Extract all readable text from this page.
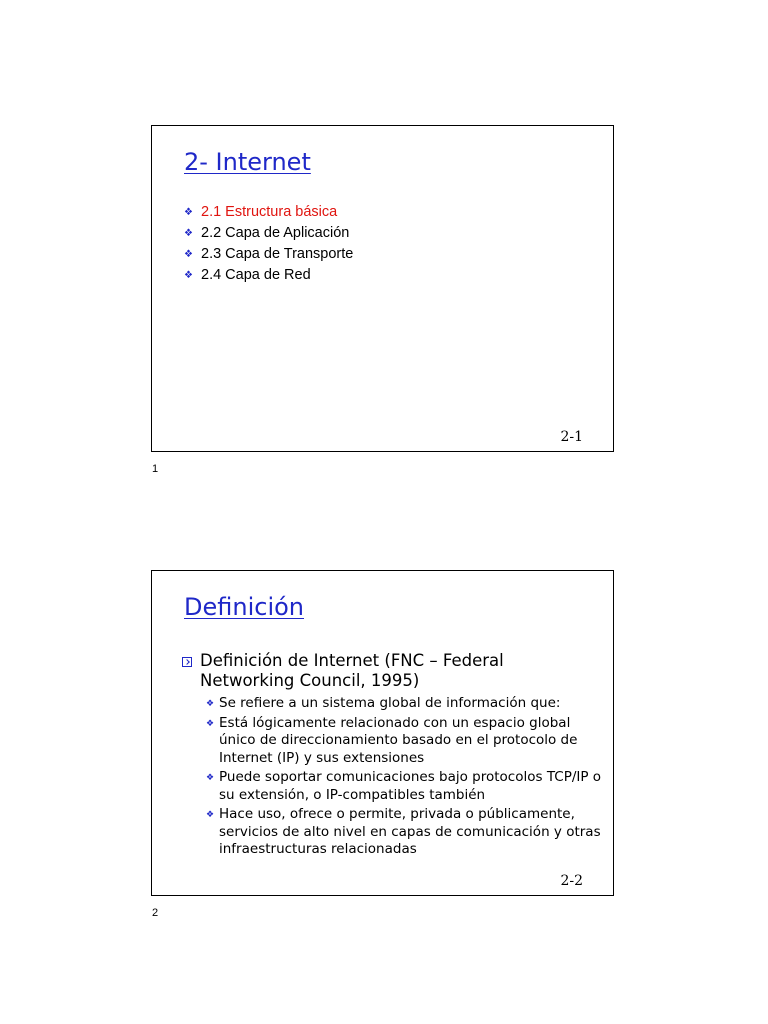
2- Internet
❖ 2.1 Estructura básica
❖ 2.2 Capa de Aplicación
❖ 2.3 Capa de Transporte
❖ 2.4 Capa de Red
2-1
1
Definición
Definición de Internet (FNC – Federal Networking Council, 1995)
❖ Se refiere a un sistema global de información que:
❖ Está lógicamente relacionado con un espacio global único de direccionamiento basado en el protocolo de Internet (IP) y sus extensiones
❖ Puede soportar comunicaciones bajo protocolos TCP/IP o su extensión, o IP-compatibles también
❖ Hace uso, ofrece o permite, privada o públicamente, servicios de alto nivel en capas de comunicación y otras infraestructuras relacionadas
2-2
2
